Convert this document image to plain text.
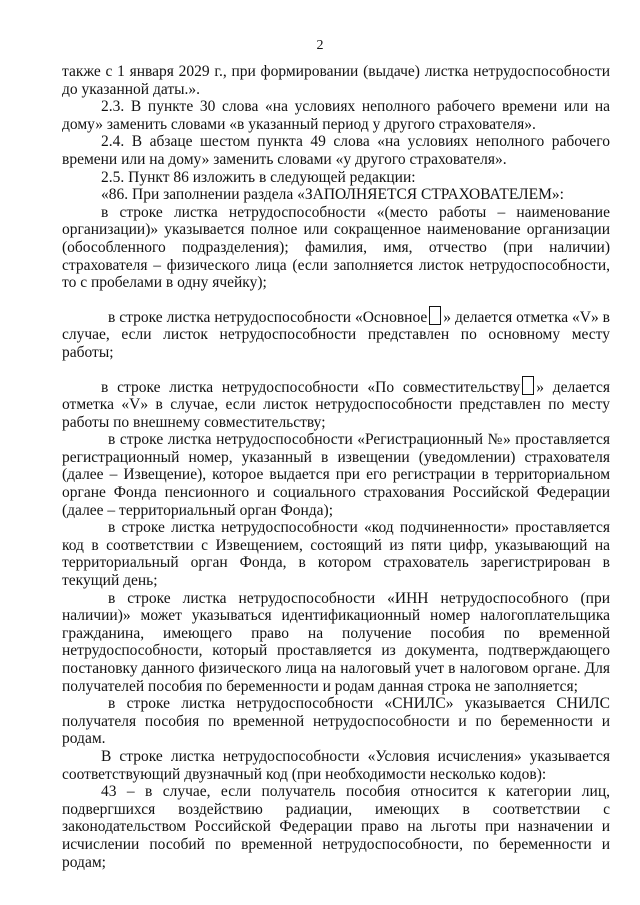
2

также с 1 января 2029 г., при формировании (выдаче) листка нетрудоспособности до указанной даты.».

2.3. В пункте 30 слова «на условиях неполного рабочего времени или на дому» заменить словами «в указанный период у другого страхователя».

2.4. В абзаце шестом пункта 49 слова «на условиях неполного рабочего времени или на дому» заменить словами «у другого страхователя».

2.5. Пункт 86 изложить в следующей редакции:

«86. При заполнении раздела «ЗАПОЛНЯЕТСЯ СТРАХОВАТЕЛЕМ»:

в строке листка нетрудоспособности «(место работы – наименование организации)» указывается полное или сокращенное наименование организации (обособленного подразделения); фамилия, имя, отчество (при наличии) страхователя – физического лица (если заполняется листок нетрудоспособности, то с пробелами в одну ячейку);

в строке листка нетрудоспособности «Основное » делается отметка «V» в случае, если листок нетрудоспособности представлен по основному месту работы;

в строке листка нетрудоспособности «По совместительству » делается отметка «V» в случае, если листок нетрудоспособности представлен по месту работы по внешнему совместительству;

в строке листка нетрудоспособности «Регистрационный №» проставляется регистрационный номер, указанный в извещении (уведомлении) страхователя (далее – Извещение), которое выдается при его регистрации в территориальном органе Фонда пенсионного и социального страхования Российской Федерации (далее – территориальный орган Фонда);

в строке листка нетрудоспособности «код подчиненности» проставляется код в соответствии с Извещением, состоящий из пяти цифр, указывающий на территориальный орган Фонда, в котором страхователь зарегистрирован в текущий день;

в строке листка нетрудоспособности «ИНН нетрудоспособного (при наличии)» может указываться идентификационный номер налогоплательщика гражданина, имеющего право на получение пособия по временной нетрудоспособности, который проставляется из документа, подтверждающего постановку данного физического лица на налоговый учет в налоговом органе. Для получателей пособия по беременности и родам данная строка не заполняется;

в строке листка нетрудоспособности «СНИЛС» указывается СНИЛС получателя пособия по временной нетрудоспособности и по беременности и родам.

В строке листка нетрудоспособности «Условия исчисления» указывается соответствующий двузначный код (при необходимости несколько кодов):

43 – в случае, если получатель пособия относится к категории лиц, подвергшихся воздействию радиации, имеющих в соответствии с законодательством Российской Федерации право на льготы при назначении и исчислении пособий по временной нетрудоспособности, по беременности и родам;
